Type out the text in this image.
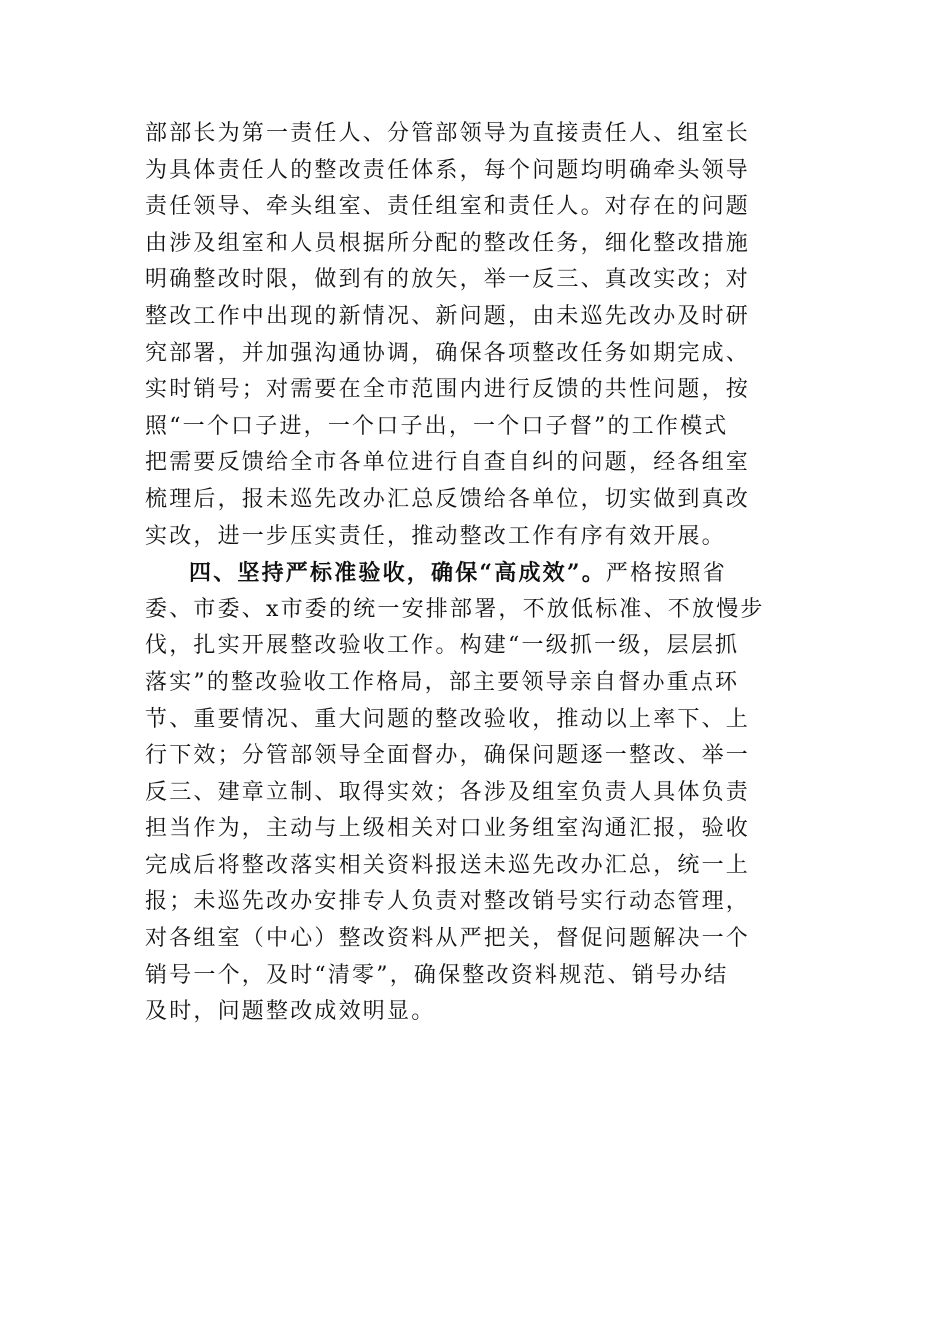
部部长为第一责任人、分管部领导为直接责任人、组室长
为具体责任人的整改责任体系，每个问题均明确牵头领导
责任领导、牵头组室、责任组室和责任人。对存在的问题
由涉及组室和人员根据所分配的整改任务，细化整改措施
明确整改时限，做到有的放矢，举一反三、真改实改；对
整改工作中出现的新情况、新问题，由未巡先改办及时研
究部署，并加强沟通协调，确保各项整改任务如期完成、
实时销号；对需要在全市范围内进行反馈的共性问题，按
照“一个口子进，一个口子出，一个口子督”的工作模式
把需要反馈给全市各单位进行自查自纠的问题，经各组室
梳理后，报未巡先改办汇总反馈给各单位，切实做到真改
实改，进一步压实责任，推动整改工作有序有效开展。
四、坚持严标准验收，确保“高成效”。严格按照省
委、市委、x市委的统一安排部署，不放低标准、不放慢步
伐，扎实开展整改验收工作。构建“一级抓一级，层层抓
落实”的整改验收工作格局，部主要领导亲自督办重点环
节、重要情况、重大问题的整改验收，推动以上率下、上
行下效；分管部领导全面督办，确保问题逐一整改、举一
反三、建章立制、取得实效；各涉及组室负责人具体负责
担当作为，主动与上级相关对口业务组室沟通汇报，验收
完成后将整改落实相关资料报送未巡先改办汇总，统一上
报；未巡先改办安排专人负责对整改销号实行动态管理，
对各组室（中心）整改资料从严把关，督促问题解决一个
销号一个，及时“清零”，确保整改资料规范、销号办结
及时，问题整改成效明显。
